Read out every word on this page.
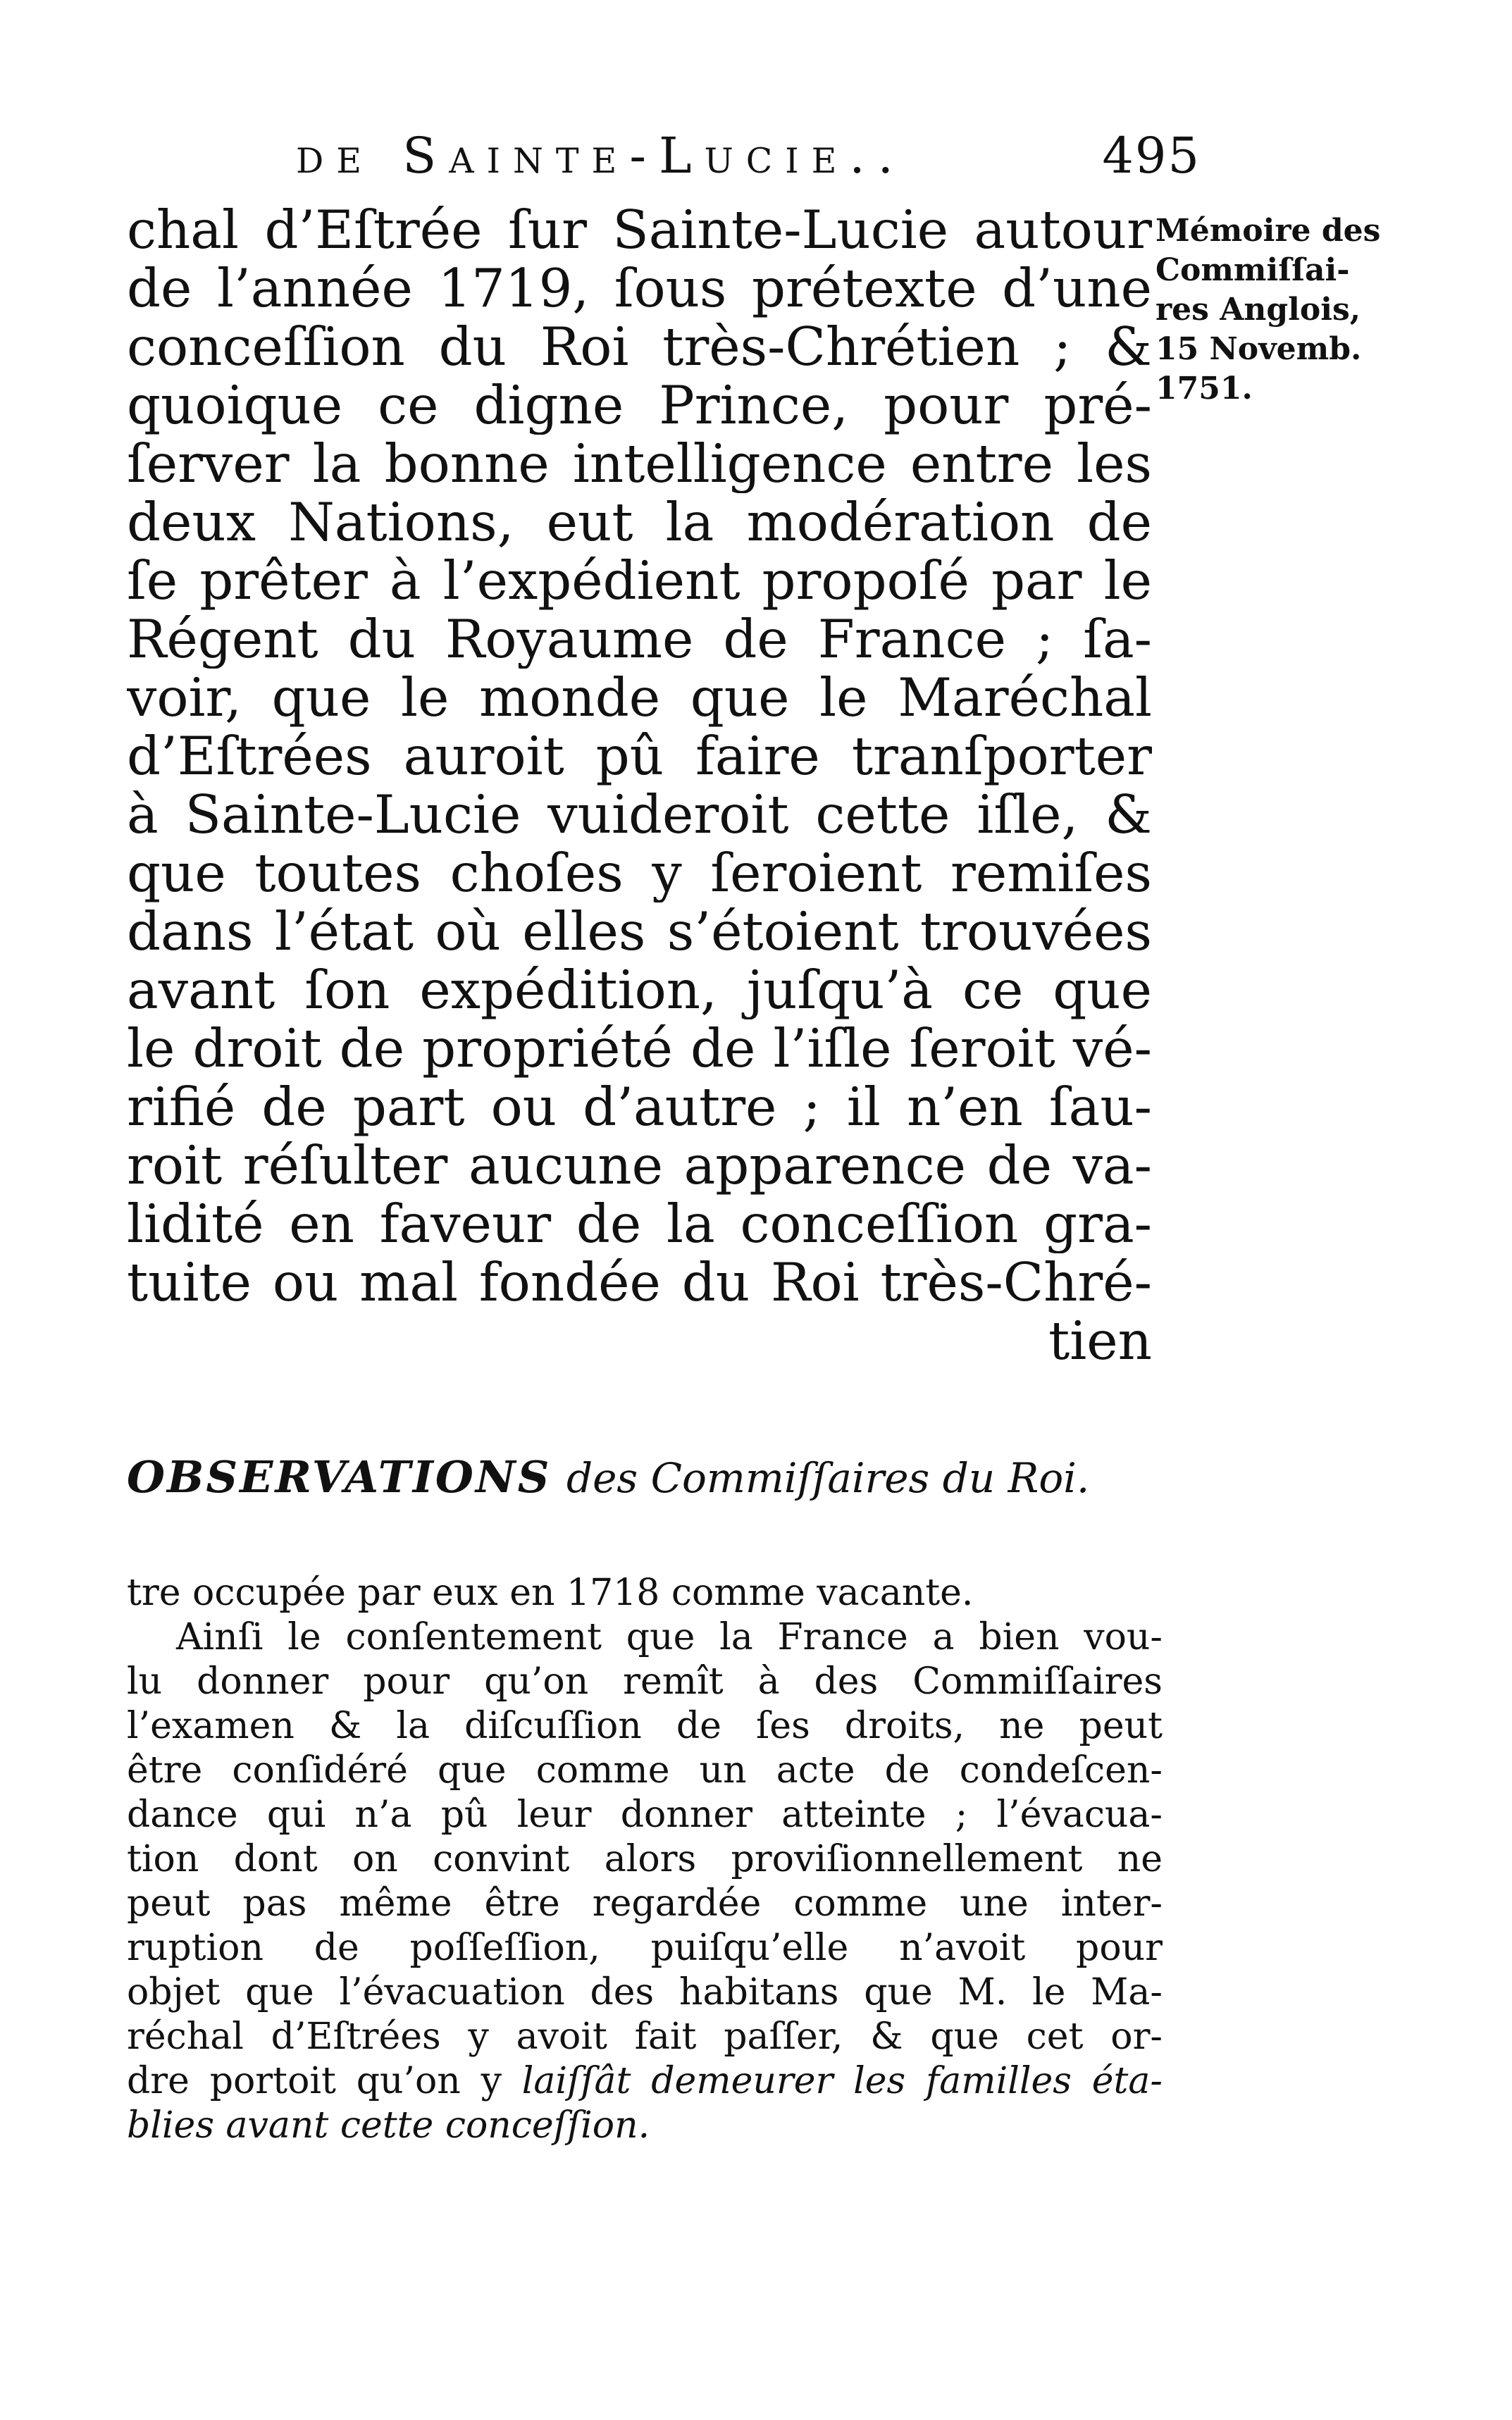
de Sainte-Lucie..	495
chal d’Eſtrée ſur Sainte-Lucie autour
de l’année 1719, ſous prétexte d’une
conceſſion du Roi très-Chrétien ; &
quoique ce digne Prince, pour pré-
ſerver la bonne intelligence entre les
deux Nations, eut la modération de
ſe prêter à l’expédient propoſé par le
Régent du Royaume de France ; ſa-
voir, que le monde que le Maréchal
d’Eſtrées auroit pû faire tranſporter
à Sainte-Lucie vuideroit cette iſle, &
que toutes choſes y ſeroient remiſes
dans l’état où elles s’étoient trouvées
avant ſon expédition, juſqu’à ce que
le droit de propriété de l’iſle ſeroit vé-
rifié de part ou d’autre ; il n’en ſau-
roit réſulter aucune apparence de va-
lidité en faveur de la conceſſion gra-
tuite ou mal fondée du Roi très-Chré-
tien
Mémoire des
Commiſſai-
res Anglois,
15 Novemb.
1751.
OBSERVATIONS des Commiſſaires du Roi.
tre occupée par eux en 1718 comme vacante.
Ainſi le conſentement que la France a bien vou-
lu donner pour qu’on remît à des Commiſſaires
l’examen & la diſcuſſion de ſes droits, ne peut
être conſidéré que comme un acte de condeſcen-
dance qui n’a pû leur donner atteinte ; l’évacua-
tion dont on convint alors proviſionnellement ne
peut pas même être regardée comme une inter-
ruption de poſſeſſion, puiſqu’elle n’avoit pour
objet que l’évacuation des habitans que M. le Ma-
réchal d’Eſtrées y avoit fait paſſer, & que cet or-
dre portoit qu’on y laiſſât demeurer les familles éta-
blies avant cette conceſſion.
